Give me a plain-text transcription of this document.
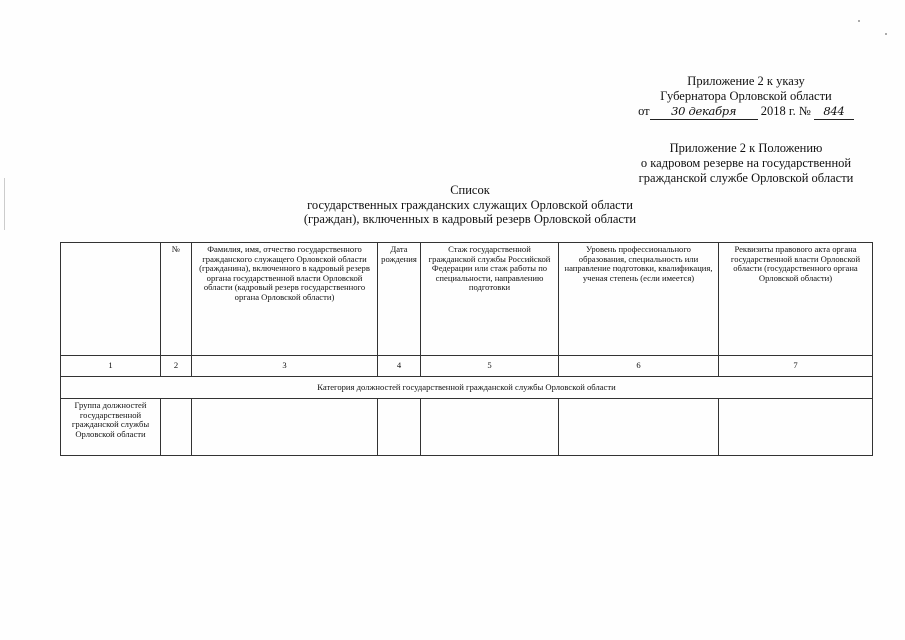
Приложение 2 к указу
Губернатора Орловской области
от 30 декабря 2018 г. № 844
Приложение 2 к Положению
о кадровом резерве на государственной
гражданской службе Орловской области
Список
государственных гражданских служащих Орловской области
(граждан), включенных в кадровый резерв Орловской области
	№	Фамилия, имя, отчество государственного гражданского служащего Орловской области (гражданина), включенного в кадровый резерв органа государственной власти Орловской области (кадровый резерв государственного органа Орловской области)	Дата рождения	Стаж государственной гражданской службы Российской Федерации или стаж работы по специальности, направлению подготовки	Уровень профессионального образования, специальность или направление подготовки, квалификация, ученая степень (если имеется)	Реквизиты правового акта органа государственной власти Орловской области (государственного органа Орловской области)
1	2	3	4	5	6	7
Категория должностей государственной гражданской службы Орловской области						
Группа должностей государственной гражданской службы Орловской области						
